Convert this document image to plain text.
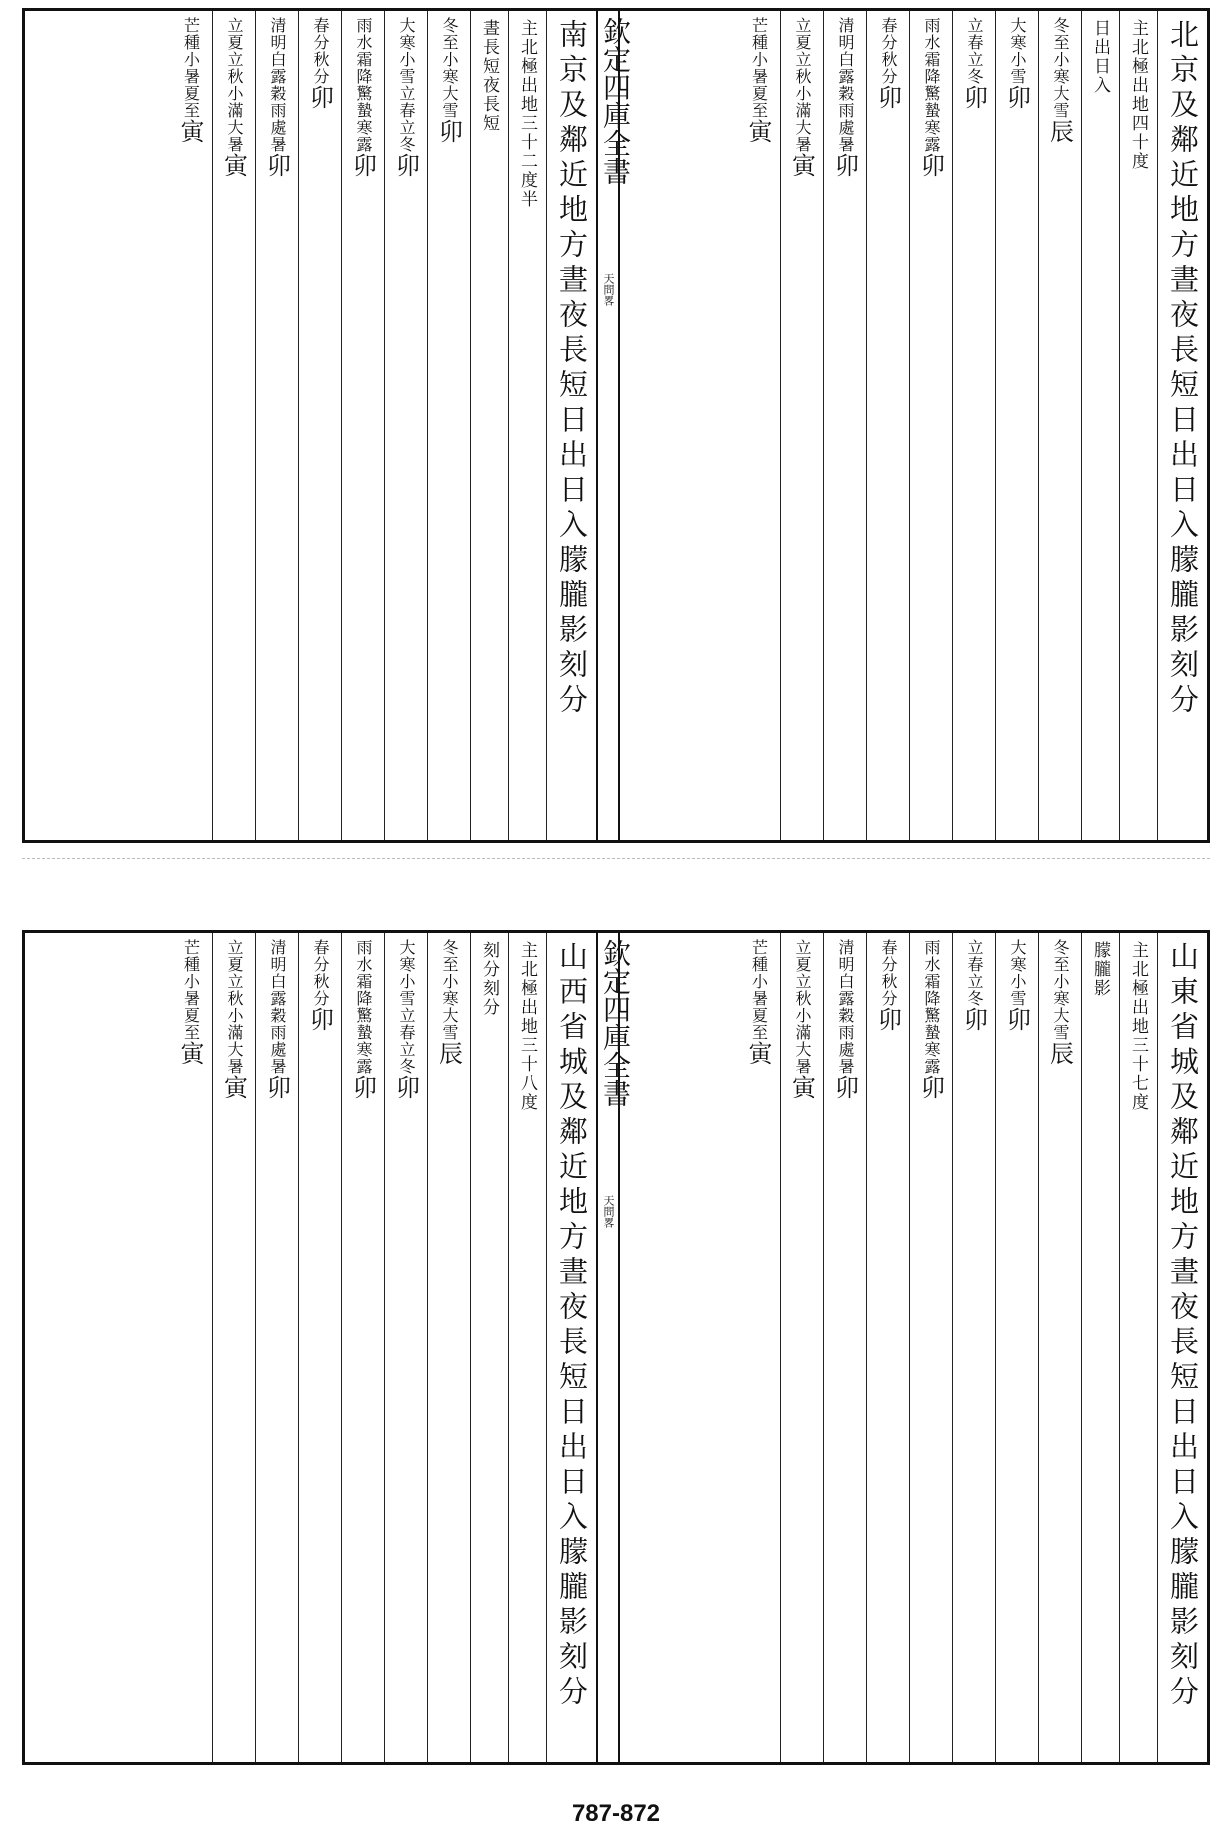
北京及鄰近地方晝夜長短日出日入朦朧影刻分
主北極出地四十度
日出日入
冬至小寒大雪
辰
大寒小雪
卯
立春立冬
卯
雨水霜降驚蟄寒露
卯
春分秋分
卯
清明白露穀雨處暑
卯
立夏立秋小滿大暑
寅
芒種小暑夏至
寅
欽定四庫全書
天問畧
南京及鄰近地方晝夜長短日出日入朦朧影刻分
主北極出地三十二度半
晝長短夜長短
冬至小寒大雪
卯
大寒小雪立春立冬
卯
雨水霜降驚蟄寒露
卯
春分秋分
卯
清明白露穀雨處暑
卯
立夏立秋小滿大暑
寅
芒種小暑夏至
寅
山東省城及鄰近地方晝夜長短日出日入朦朧影刻分
主北極出地三十七度
朦朧影
冬至小寒大雪
辰
大寒小雪
卯
立春立冬
卯
雨水霜降驚蟄寒露
卯
春分秋分
卯
清明白露穀雨處暑
卯
立夏立秋小滿大暑
寅
芒種小暑夏至
寅
欽定四庫全書
天問畧
山西省城及鄰近地方晝夜長短日出日入朦朧影刻分
主北極出地三十八度
刻分刻分
冬至小寒大雪
辰
大寒小雪立春立冬
卯
雨水霜降驚蟄寒露
卯
春分秋分
卯
清明白露穀雨處暑
卯
立夏立秋小滿大暑
寅
芒種小暑夏至
寅
787-872
